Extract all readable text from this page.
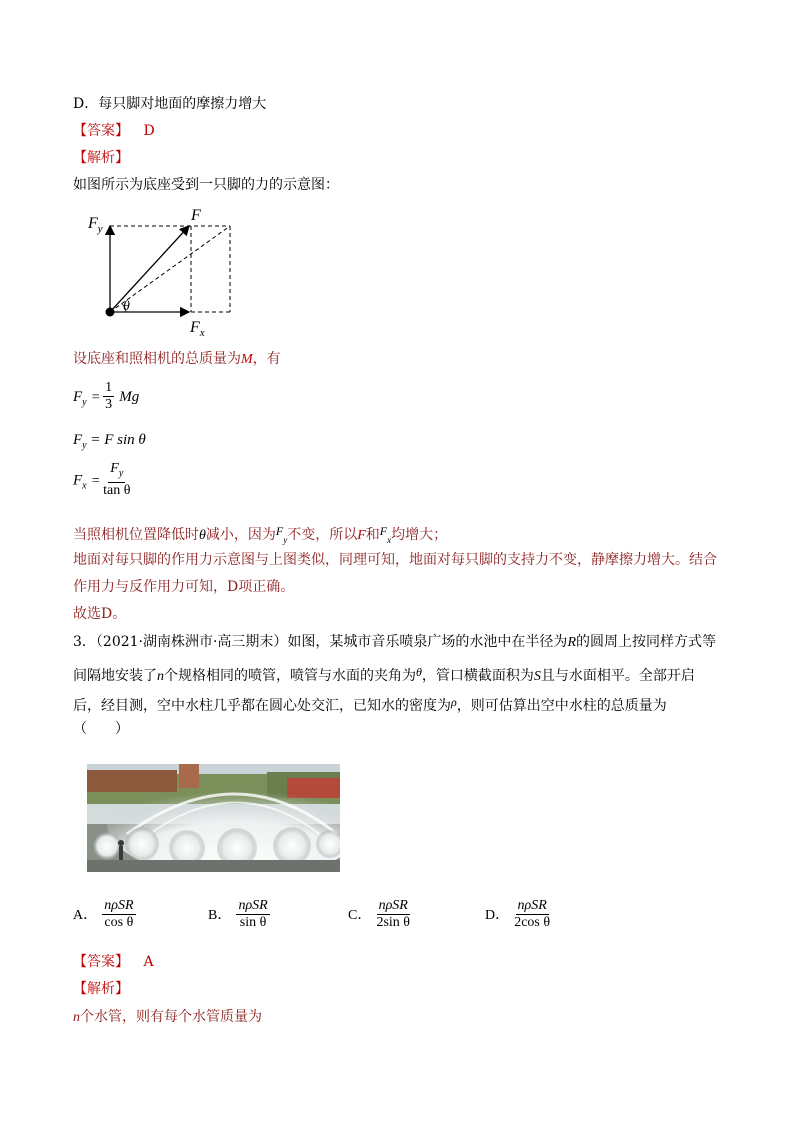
D．每只脚对地面的摩擦力增大
【答案】 D
【解析】
如图所示为底座受到一只脚的力的示意图：
$F_y$
F
$F_x$
θ
设底座和照相机的总质量为M，有
$F_y = \frac{1}{3}$ Mg
$F_y = F$ sin θ
$F_x = \frac{F_y}{\text{tan θ}}$
当照相机位置降低时θ减小，因为$F_y$不变，所以F和$F_x$均增大；
地面对每只脚的作用力示意图与上图类似，同理可知，地面对每只脚的支持力不变，静摩擦力增大。结合
作用力与反作用力可知，D项正确。
故选D。
3．（2021·湖南株洲市·高三期末）如图，某城市音乐喷泉广场的水池中在半径为R的圆周上按同样方式等
间隔地安装了n个规格相同的喷管，喷管与水面的夹角为θ，管口横截面积为S且与水面相平。全部开启
后，经目测，空中水柱几乎都在圆心处交汇，已知水的密度为ρ，则可估算出空中水柱的总质量为
（　　）
A． $\frac{\text{nρSR}}{\text{cos θ}}$	B． $\frac{\text{nρSR}}{\text{sin θ}}$	C． $\frac{\text{nρSR}}{\text{2sin θ}}$	D． $\frac{\text{nρSR}}{\text{2cos θ}}$
【答案】 A
【解析】
n个水管，则有每个水管质量为
